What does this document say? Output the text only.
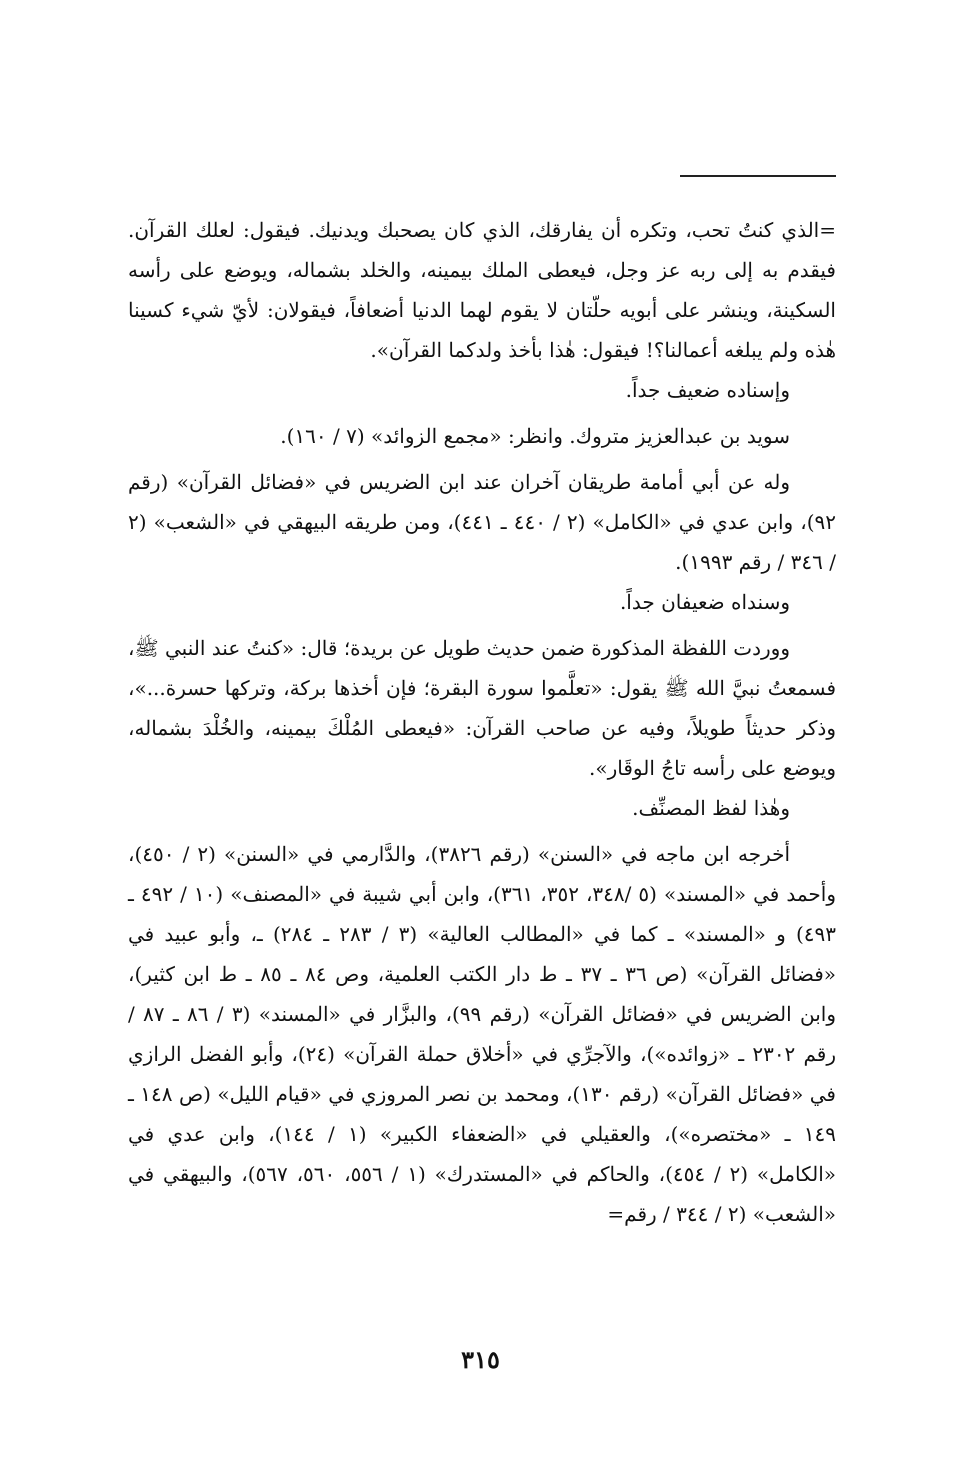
=الذي كنتُ تحب، وتكره أن يفارقك، الذي كان يصحبك ويدنيك. فيقول: لعلك القرآن. فيقدم به إلى ربه عز وجل، فيعطى الملك بيمينه، والخلد بشماله، ويوضع على رأسه السكينة، وينشر على أبويه حلّتان لا يقوم لهما الدنيا أضعافاً، فيقولان: لأيّ شيء كسينا هٰذه ولم يبلغه أعمالنا؟! فيقول: هٰذا بأخذ ولدكما القرآن».

وإسناده ضعيف جداً.

سويد بن عبدالعزيز متروك. وانظر: «مجمع الزوائد» (٧ / ١٦٠).

وله عن أبي أمامة طريقان آخران عند ابن الضريس في «فضائل القرآن» (رقم ٩٢)، وابن عدي في «الكامل» (٢ / ٤٤٠ ـ ٤٤١)، ومن طريقه البيهقي في «الشعب» (٢ / ٣٤٦ / رقم ١٩٩٣).

وسنداه ضعيفان جداً.

ووردت اللفظة المذكورة ضمن حديث طويل عن بريدة؛ قال: «كنتُ عند النبي ﷺ، فسمعتُ نبيَّ الله ﷺ يقول: «تعلَّموا سورة البقرة؛ فإن أخذها بركة، وتركها حسرة...»، وذكر حديثاً طويلاً، وفيه عن صاحب القرآن: «فيعطى المُلْكَ بيمينه، والخُلْدَ بشماله، ويوضع على رأسه تاجُ الوقَار».

وهٰذا لفظ المصنِّف.

أخرجه ابن ماجه في «السنن» (رقم ٣٨٢٦)، والدَّارمي في «السنن» (٢ / ٤٥٠)، وأحمد في «المسند» (٥ /٣٤٨، ٣٥٢، ٣٦١)، وابن أبي شيبة في «المصنف» (١٠ / ٤٩٢ ـ ٤٩٣) و «المسند» ـ كما في «المطالب العالية» (٣ / ٢٨٣ ـ ٢٨٤) ـ، وأبو عبيد في «فضائل القرآن» (ص ٣٦ ـ ٣٧ ـ ط دار الكتب العلمية، وص ٨٤ ـ ٨٥ ـ ط ابن كثير)، وابن الضريس في «فضائل القرآن» (رقم ٩٩)، والبزَّار في «المسند» (٣ / ٨٦ ـ ٨٧ / رقم ٢٣٠٢ ـ «زوائده»)، والآجرِّي في «أخلاق حملة القرآن» (٢٤)، وأبو الفضل الرازي في «فضائل القرآن» (رقم ١٣٠)، ومحمد بن نصر المروزي في «قيام الليل» (ص ١٤٨ ـ ١٤٩ ـ «مختصره»)، والعقيلي في «الضعفاء الكبير» (١ / ١٤٤)، وابن عدي في «الكامل» (٢ / ٤٥٤)، والحاكم في «المستدرك» (١ / ٥٥٦، ٥٦٠، ٥٦٧)، والبيهقي في «الشعب» (٢ / ٣٤٤ / رقم=

٣١٥
